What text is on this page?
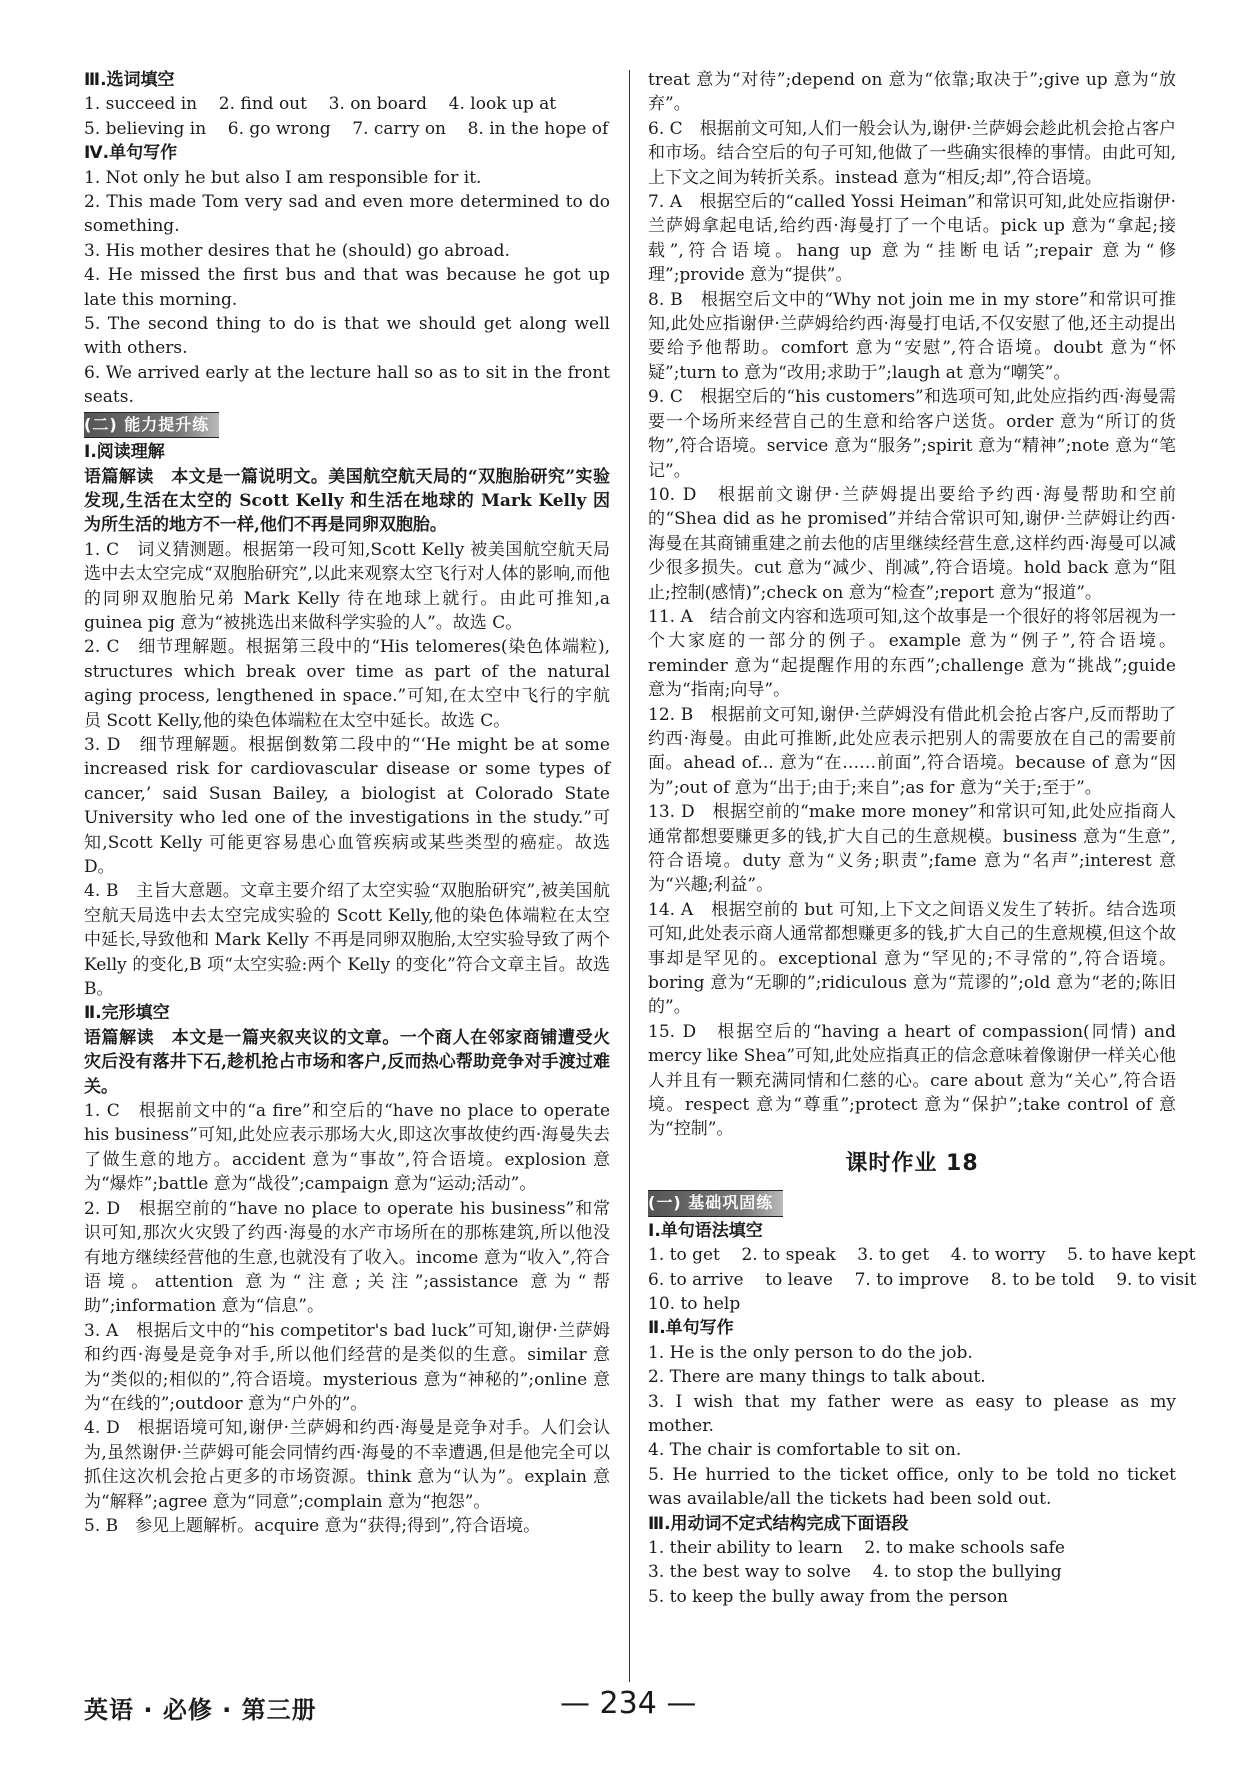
Ⅲ.选词填空

1. succeed in    2. find out    3. on board    4. look up at

5. believing in    6. go wrong    7. carry on    8. in the hope of

Ⅳ.单句写作

1. Not only he but also I am responsible for it.

2. This made Tom very sad and even more determined to do something.

3. His mother desires that he (should) go abroad.

4. He missed the first bus and that was because he got up late this morning.

5. The second thing to do is that we should get along well with others.

6. We arrived early at the lecture hall so as to sit in the front seats.

(二) 能力提升练

Ⅰ.阅读理解

语篇解读　本文是一篇说明文。美国航空航天局的“双胞胎研究”实验发现,生活在太空的 Scott Kelly 和生活在地球的 Mark Kelly 因为所生活的地方不一样,他们不再是同卵双胞胎。

1. C　词义猜测题。根据第一段可知,Scott Kelly 被美国航空航天局选中去太空完成“双胞胎研究”,以此来观察太空飞行对人体的影响,而他的同卵双胞胎兄弟 Mark Kelly 待在地球上就行。由此可推知,a guinea pig 意为“被挑选出来做科学实验的人”。故选 C。

2. C　细节理解题。根据第三段中的“His telomeres(染色体端粒), structures which break over time as part of the natural aging process, lengthened in space.”可知,在太空中飞行的宇航员 Scott Kelly,他的染色体端粒在太空中延长。故选 C。

3. D　细节理解题。根据倒数第二段中的“‘He might be at some increased risk for cardiovascular disease or some types of cancer,’ said Susan Bailey, a biologist at Colorado State University who led one of the investigations in the study.”可知,Scott Kelly 可能更容易患心血管疾病或某些类型的癌症。故选 D。

4. B　主旨大意题。文章主要介绍了太空实验“双胞胎研究”,被美国航空航天局选中去太空完成实验的 Scott Kelly,他的染色体端粒在太空中延长,导致他和 Mark Kelly 不再是同卵双胞胎,太空实验导致了两个 Kelly 的变化,B 项“太空实验:两个 Kelly 的变化”符合文章主旨。故选 B。

Ⅱ.完形填空

语篇解读　本文是一篇夹叙夹议的文章。一个商人在邻家商铺遭受火灾后没有落井下石,趁机抢占市场和客户,反而热心帮助竞争对手渡过难关。

1. C　根据前文中的“a fire”和空后的“have no place to operate his business”可知,此处应表示那场大火,即这次事故使约西·海曼失去了做生意的地方。accident 意为“事故”,符合语境。explosion 意为“爆炸”;battle 意为“战役”;campaign 意为“运动;活动”。

2. D　根据空前的“have no place to operate his business”和常识可知,那次火灾毁了约西·海曼的水产市场所在的那栋建筑,所以他没有地方继续经营他的生意,也就没有了收入。income 意为“收入”,符合语境。attention 意为“注意;关注”;assistance 意为“帮助”;information 意为“信息”。

3. A　根据后文中的“his competitor's bad luck”可知,谢伊·兰萨姆和约西·海曼是竞争对手,所以他们经营的是类似的生意。similar 意为“类似的;相似的”,符合语境。mysterious 意为“神秘的”;online 意为“在线的”;outdoor 意为“户外的”。

4. D　根据语境可知,谢伊·兰萨姆和约西·海曼是竞争对手。人们会认为,虽然谢伊·兰萨姆可能会同情约西·海曼的不幸遭遇,但是他完全可以抓住这次机会抢占更多的市场资源。think 意为“认为”。explain 意为“解释”;agree 意为“同意”;complain 意为“抱怨”。

5. B　参见上题解析。acquire 意为“获得;得到”,符合语境。

treat 意为“对待”;depend on 意为“依靠;取决于”;give up 意为“放弃”。

6. C　根据前文可知,人们一般会认为,谢伊·兰萨姆会趁此机会抢占客户和市场。结合空后的句子可知,他做了一些确实很棒的事情。由此可知,上下文之间为转折关系。instead 意为“相反;却”,符合语境。

7. A　根据空后的“called Yossi Heiman”和常识可知,此处应指谢伊·兰萨姆拿起电话,给约西·海曼打了一个电话。pick up 意为“拿起;接载”,符合语境。hang up 意为“挂断电话”;repair 意为“修理”;provide 意为“提供”。

8. B　根据空后文中的“Why not join me in my store”和常识可推知,此处应指谢伊·兰萨姆给约西·海曼打电话,不仅安慰了他,还主动提出要给予他帮助。comfort 意为“安慰”,符合语境。doubt 意为“怀疑”;turn to 意为“改用;求助于”;laugh at 意为“嘲笑”。

9. C　根据空后的“his customers”和选项可知,此处应指约西·海曼需要一个场所来经营自己的生意和给客户送货。order 意为“所订的货物”,符合语境。service 意为“服务”;spirit 意为“精神”;note 意为“笔记”。

10. D　根据前文谢伊·兰萨姆提出要给予约西·海曼帮助和空前的“Shea did as he promised”并结合常识可知,谢伊·兰萨姆让约西·海曼在其商铺重建之前去他的店里继续经营生意,这样约西·海曼可以减少很多损失。cut 意为“减少、削减”,符合语境。hold back 意为“阻止;控制(感情)”;check on 意为“检查”;report 意为“报道”。

11. A　结合前文内容和选项可知,这个故事是一个很好的将邻居视为一个大家庭的一部分的例子。example 意为“例子”,符合语境。reminder 意为“起提醒作用的东西”;challenge 意为“挑战”;guide 意为“指南;向导”。

12. B　根据前文可知,谢伊·兰萨姆没有借此机会抢占客户,反而帮助了约西·海曼。由此可推断,此处应表示把别人的需要放在自己的需要前面。ahead of... 意为“在……前面”,符合语境。because of 意为“因为”;out of 意为“出于;由于;来自”;as for 意为“关于;至于”。

13. D　根据空前的“make more money”和常识可知,此处应指商人通常都想要赚更多的钱,扩大自己的生意规模。business 意为“生意”,符合语境。duty 意为“义务;职责”;fame 意为“名声”;interest 意为“兴趣;利益”。

14. A　根据空前的 but 可知,上下文之间语义发生了转折。结合选项可知,此处表示商人通常都想赚更多的钱,扩大自己的生意规模,但这个故事却是罕见的。exceptional 意为“罕见的;不寻常的”,符合语境。boring 意为“无聊的”;ridiculous 意为“荒谬的”;old 意为“老的;陈旧的”。

15. D　根据空后的“having a heart of compassion(同情) and mercy like Shea”可知,此处应指真正的信念意味着像谢伊一样关心他人并且有一颗充满同情和仁慈的心。care about 意为“关心”,符合语境。respect 意为“尊重”;protect 意为“保护”;take control of 意为“控制”。

课时作业 18

(一) 基础巩固练

Ⅰ.单句语法填空

1. to get    2. to speak    3. to get    4. to worry    5. to have kept

6. to arrive    to leave    7. to improve    8. to be told    9. to visit

10. to help

Ⅱ.单句写作

1. He is the only person to do the job.

2. There are many things to talk about.

3. I wish that my father were as easy to please as my mother.

4. The chair is comfortable to sit on.

5. He hurried to the ticket office, only to be told no ticket was available/all the tickets had been sold out.

Ⅲ.用动词不定式结构完成下面语段

1. their ability to learn    2. to make schools safe

3. the best way to solve    4. to stop the bullying

5. to keep the bully away from the person

英语 · 必修 · 第三册	— 234 —
